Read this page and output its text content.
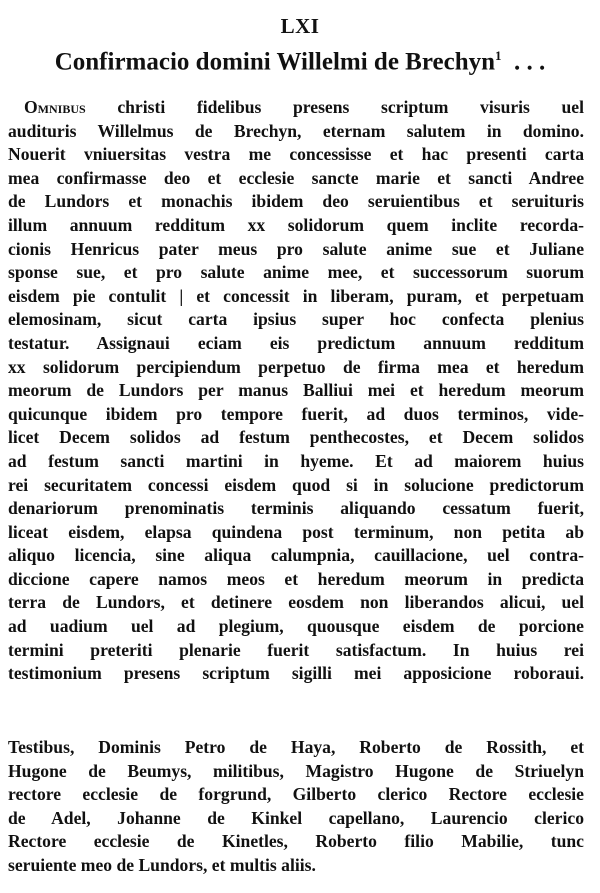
LXI
Confirmacio domini Willelmi de Brechyn$^1$ . . .
Omnibus christi fidelibus presens scriptum visuris uel
audituris Willelmus de Brechyn, eternam salutem in domino.
Nouerit vniuersitas vestra me concessisse et hac presenti carta
mea confirmasse deo et ecclesie sancte marie et sancti Andree
de Lundors et monachis ibidem deo seruientibus et seruituris
illum annuum redditum xx solidorum quem inclite recorda-
cionis Henricus pater meus pro salute anime sue et Juliane
sponse sue, et pro salute anime mee, et successorum suorum
eisdem pie contulit | et concessit in liberam, puram, et perpetuam
elemosinam, sicut carta ipsius super hoc confecta plenius
testatur. Assignaui eciam eis predictum annuum redditum
xx solidorum percipiendum perpetuo de firma mea et heredum
meorum de Lundors per manus Balliui mei et heredum meorum
quicunque ibidem pro tempore fuerit, ad duos terminos, vide-
licet Decem solidos ad festum penthecostes, et Decem solidos
ad festum sancti martini in hyeme. Et ad maiorem huius
rei securitatem concessi eisdem quod si in solucione predictorum
denariorum prenominatis terminis aliquando cessatum fuerit,
liceat eisdem, elapsa quindena post terminum, non petita ab
aliquo licencia, sine aliqua calumpnia, cauillacione, uel contra-
diccione capere namos meos et heredum meorum in predicta
terra de Lundors, et detinere eosdem non liberandos alicui, uel
ad uadium uel ad plegium, quousque eisdem de porcione
termini preteriti plenarie fuerit satisfactum. In huius rei
testimonium presens scriptum sigilli mei apposicione roboraui.
Testibus, Dominis Petro de Haya, Roberto de Rossith, et
Hugone de Beumys, militibus, Magistro Hugone de Striuelyn
rectore ecclesie de forgrund, Gilberto clerico Rectore ecclesie
de Adel, Johanne de Kinkel capellano, Laurencio clerico
Rectore ecclesie de Kinetles, Roberto filio Mabilie, tunc
seruiente meo de Lundors, et multis aliis.
